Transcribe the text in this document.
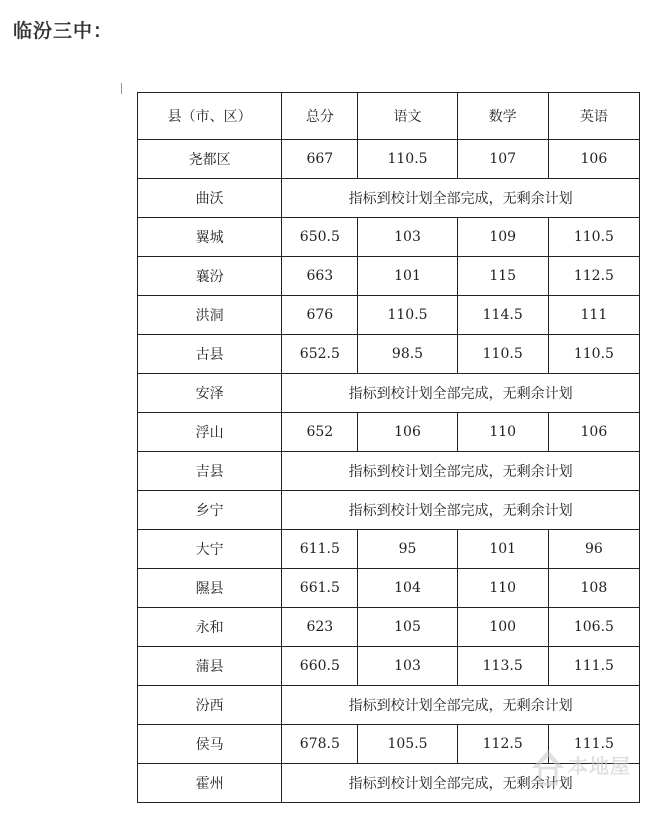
临汾三中：
县（市、区）	总分	语文	数学	英语
尧都区	667	110.5	107	106
曲沃	指标到校计划全部完成，无剩余计划			
翼城	650.5	103	109	110.5
襄汾	663	101	115	112.5
洪洞	676	110.5	114.5	111
古县	652.5	98.5	110.5	110.5
安泽	指标到校计划全部完成，无剩余计划			
浮山	652	106	110	106
吉县	指标到校计划全部完成，无剩余计划			
乡宁	指标到校计划全部完成，无剩余计划			
大宁	611.5	95	101	96
隰县	661.5	104	110	108
永和	623	105	100	106.5
蒲县	660.5	103	113.5	111.5
汾西	指标到校计划全部完成，无剩余计划			
侯马	678.5	105.5	112.5	111.5
霍州	指标到校计划全部完成，无剩余计划			
本地屋
